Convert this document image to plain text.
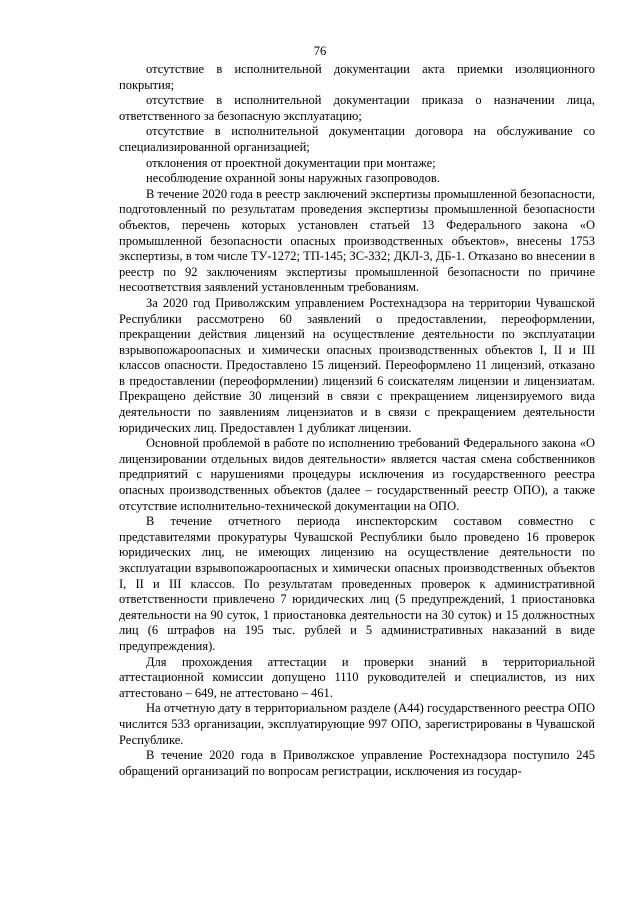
76

отсутствие в исполнительной документации акта приемки изоляционного покрытия;

отсутствие в исполнительной документации приказа о назначении лица, ответственного за безопасную эксплуатацию;

отсутствие в исполнительной документации договора на обслуживание со специализированной организацией;

отклонения от проектной документации при монтаже;

несоблюдение охранной зоны наружных газопроводов.

В течение 2020 года в реестр заключений экспертизы промышленной безопасности, подготовленный по результатам проведения экспертизы промышленной безопасности объектов, перечень которых установлен статьей 13 Федерального закона «О промышленной безопасности опасных производственных объектов», внесены 1753 экспертизы, в том числе ТУ-1272; ТП-145; ЗС-332; ДКЛ-3, ДБ-1. Отказано во внесении в реестр по 92 заключениям экспертизы промышленной безопасности по причине несоответствия заявлений установленным требованиям.

За 2020 год Приволжским управлением Ростехнадзора на территории Чувашской Республики рассмотрено 60 заявлений о предоставлении, переоформлении, прекращении действия лицензий на осуществление деятельности по эксплуатации взрывопожароопасных и химически опасных производственных объектов I, II и III классов опасности. Предоставлено 15 лицензий. Переоформлено 11 лицензий, отказано в предоставлении (переоформлении) лицензий 6 соискателям лицензии и лицензиатам. Прекращено действие 30 лицензий в связи с прекращением лицензируемого вида деятельности по заявлениям лицензиатов и в связи с прекращением деятельности юридических лиц. Предоставлен 1 дубликат лицензии.

Основной проблемой в работе по исполнению требований Федерального закона «О лицензировании отдельных видов деятельности» является частая смена собственников предприятий с нарушениями процедуры исключения из государственного реестра опасных производственных объектов (далее – государственный реестр ОПО), а также отсутствие исполнительно-технической документации на ОПО.

В течение отчетного периода инспекторским составом совместно с представителями прокуратуры Чувашской Республики было проведено 16 проверок юридических лиц, не имеющих лицензию на осуществление деятельности по эксплуатации взрывопожароопасных и химически опасных производственных объектов I, II и III классов. По результатам проведенных проверок к административной ответственности привлечено 7 юридических лиц (5 предупреждений, 1 приостановка деятельности на 90 суток, 1 приостановка деятельности на 30 суток) и 15 должностных лиц (6 штрафов на 195 тыс. рублей и 5 административных наказаний в виде предупреждения).

Для прохождения аттестации и проверки знаний в территориальной аттестационной комиссии допущено 1110 руководителей и специалистов, из них аттестовано – 649, не аттестовано – 461.

На отчетную дату в территориальном разделе (А44) государственного реестра ОПО числится 533 организации, эксплуатирующие 997 ОПО, зарегистрированы в Чувашской Республике.

В течение 2020 года в Приволжское управление Ростехнадзора поступило 245 обращений организаций по вопросам регистрации, исключения из государ-
